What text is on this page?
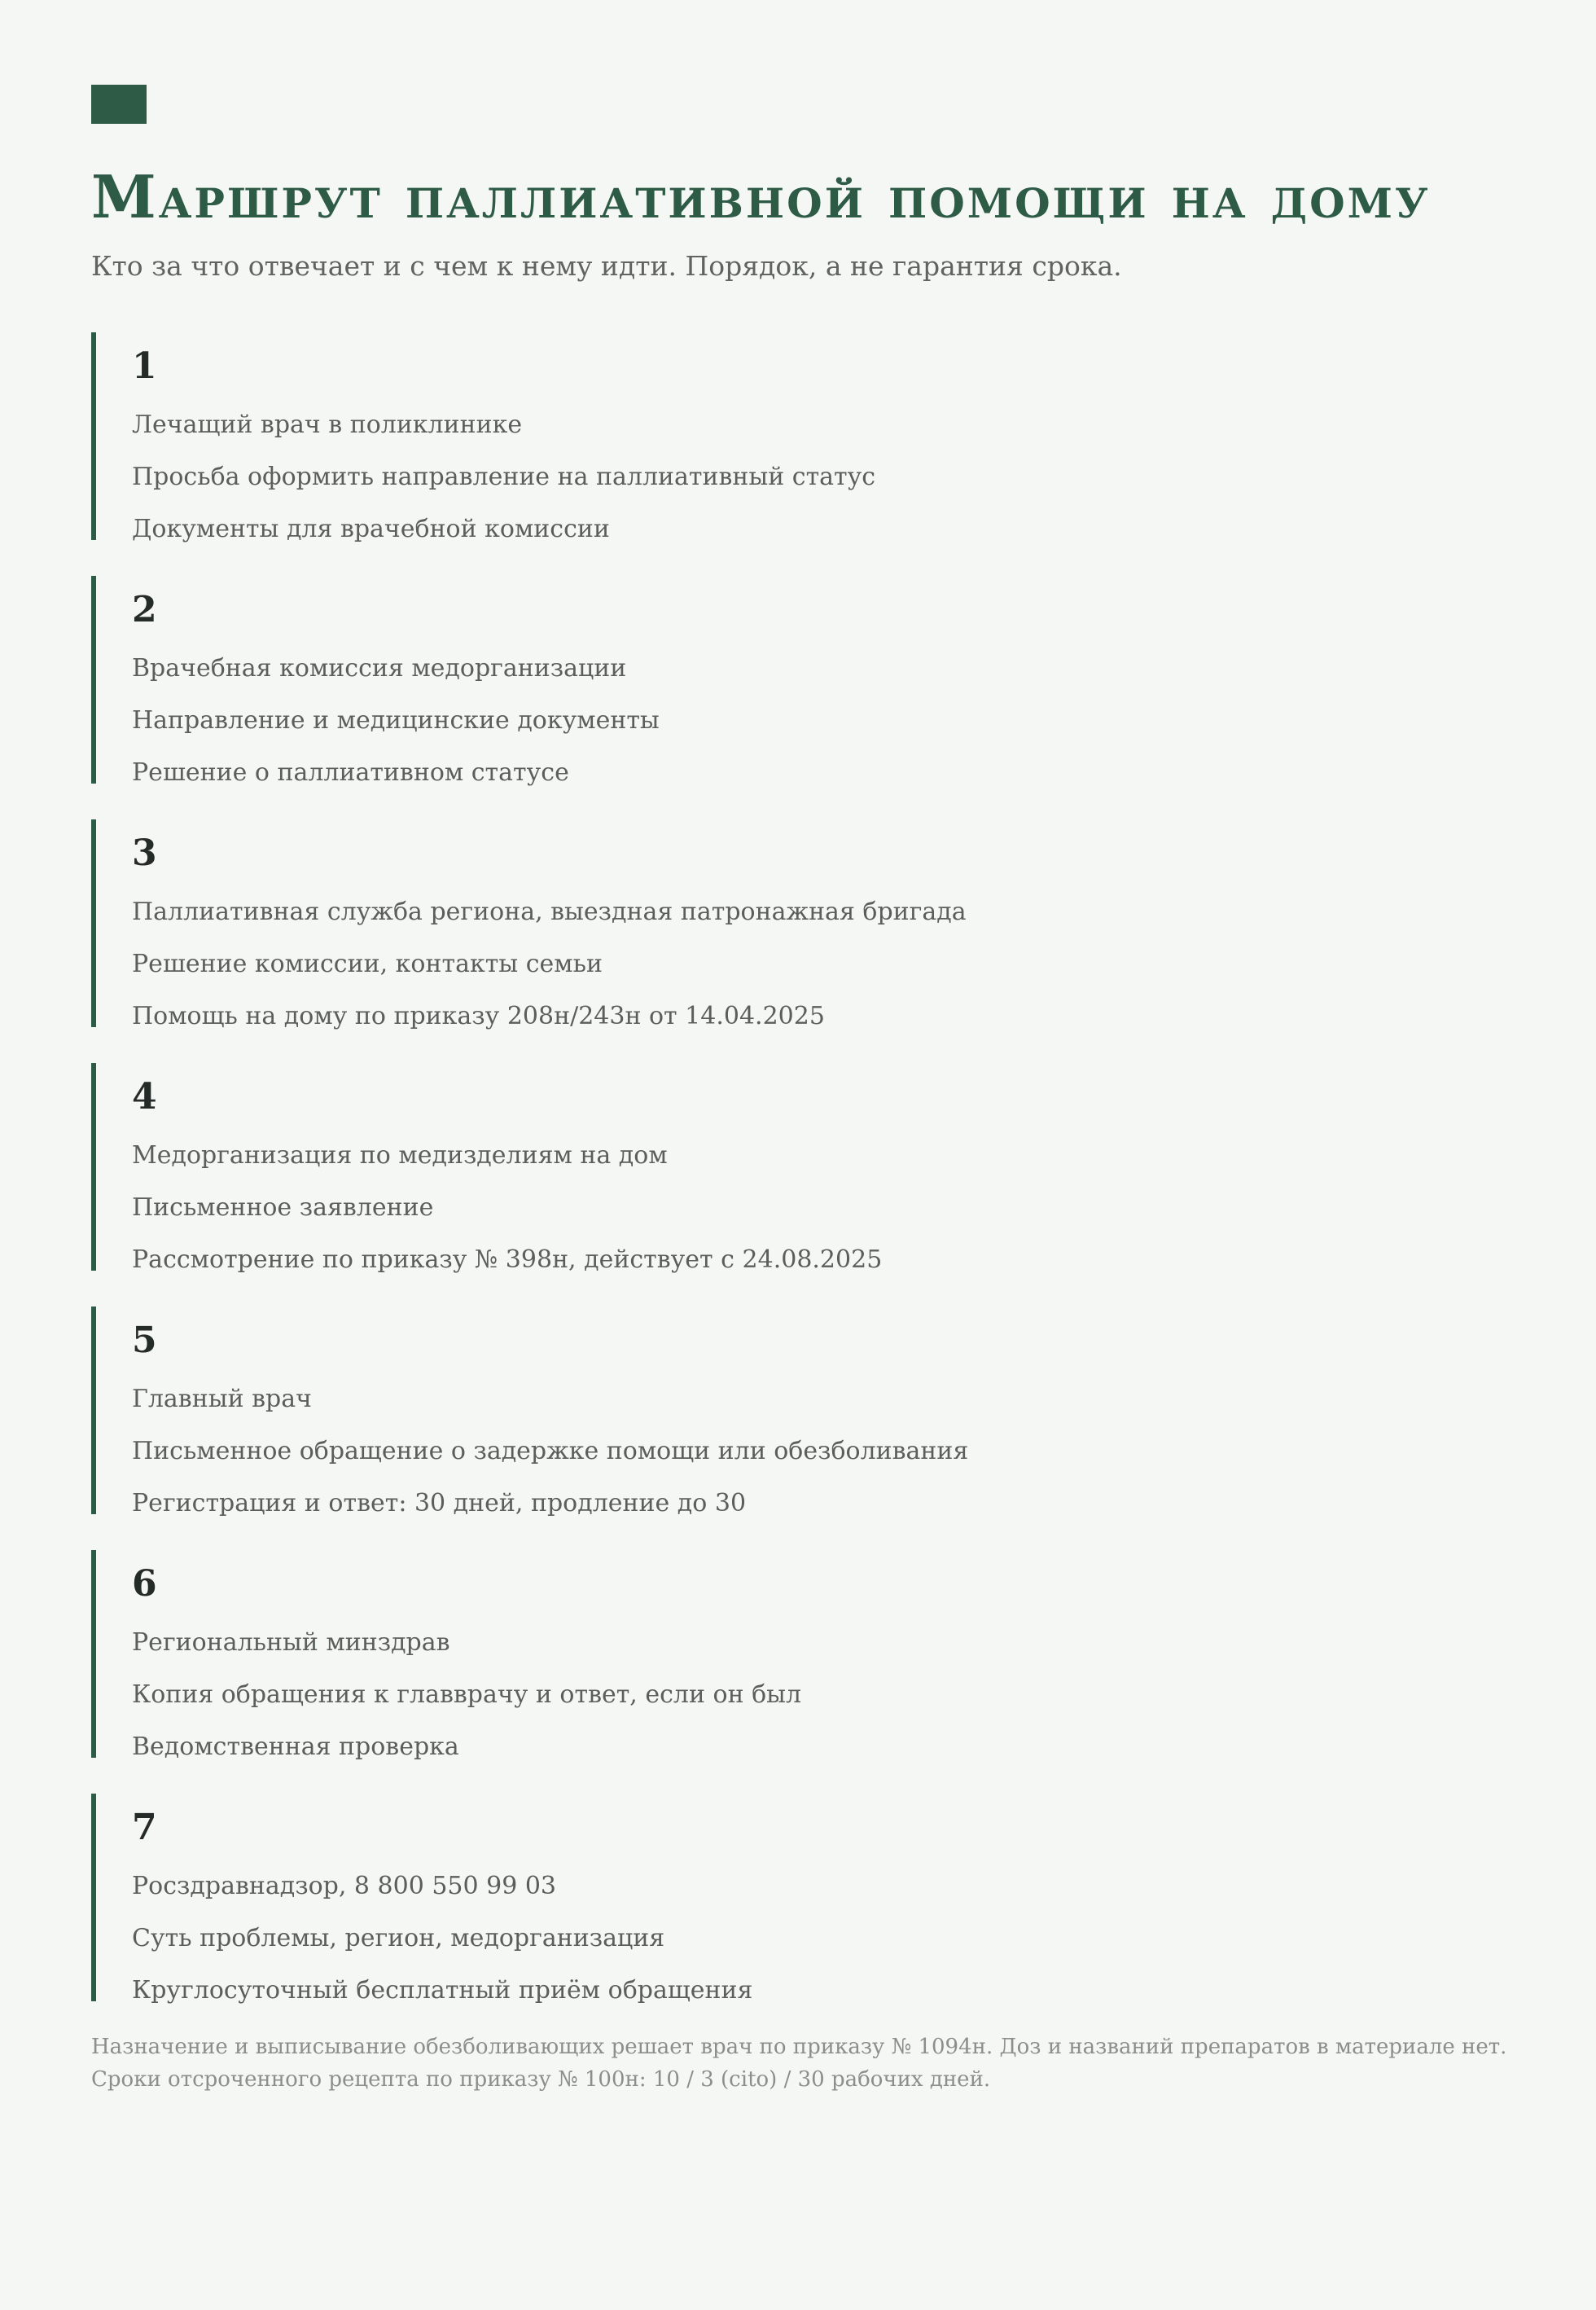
Маршрут паллиативной помощи на дому

Кто за что отвечает и с чем к нему идти. Порядок, а не гарантия срока.

1
Лечащий врач в поликлинике
Просьба оформить направление на паллиативный статус
Документы для врачебной комиссии
2
Врачебная комиссия медорганизации
Направление и медицинские документы
Решение о паллиативном статусе
3
Паллиативная служба региона, выездная патронажная бригада
Решение комиссии, контакты семьи
Помощь на дому по приказу 208н/243н от 14.04.2025
4
Медорганизация по медизделиям на дом
Письменное заявление
Рассмотрение по приказу № 398н, действует с 24.08.2025
5
Главный врач
Письменное обращение о задержке помощи или обезболивания
Регистрация и ответ: 30 дней, продление до 30
6
Региональный минздрав
Копия обращения к главврачу и ответ, если он был
Ведомственная проверка
7
Росздравнадзор, 8 800 550 99 03
Суть проблемы, регион, медорганизация
Круглосуточный бесплатный приём обращения

Назначение и выписывание обезболивающих решает врач по приказу № 1094н. Доз и названий препаратов в материале нет. Сроки отсроченного рецепта по приказу № 100н: 10 / 3 (cito) / 30 рабочих дней.
